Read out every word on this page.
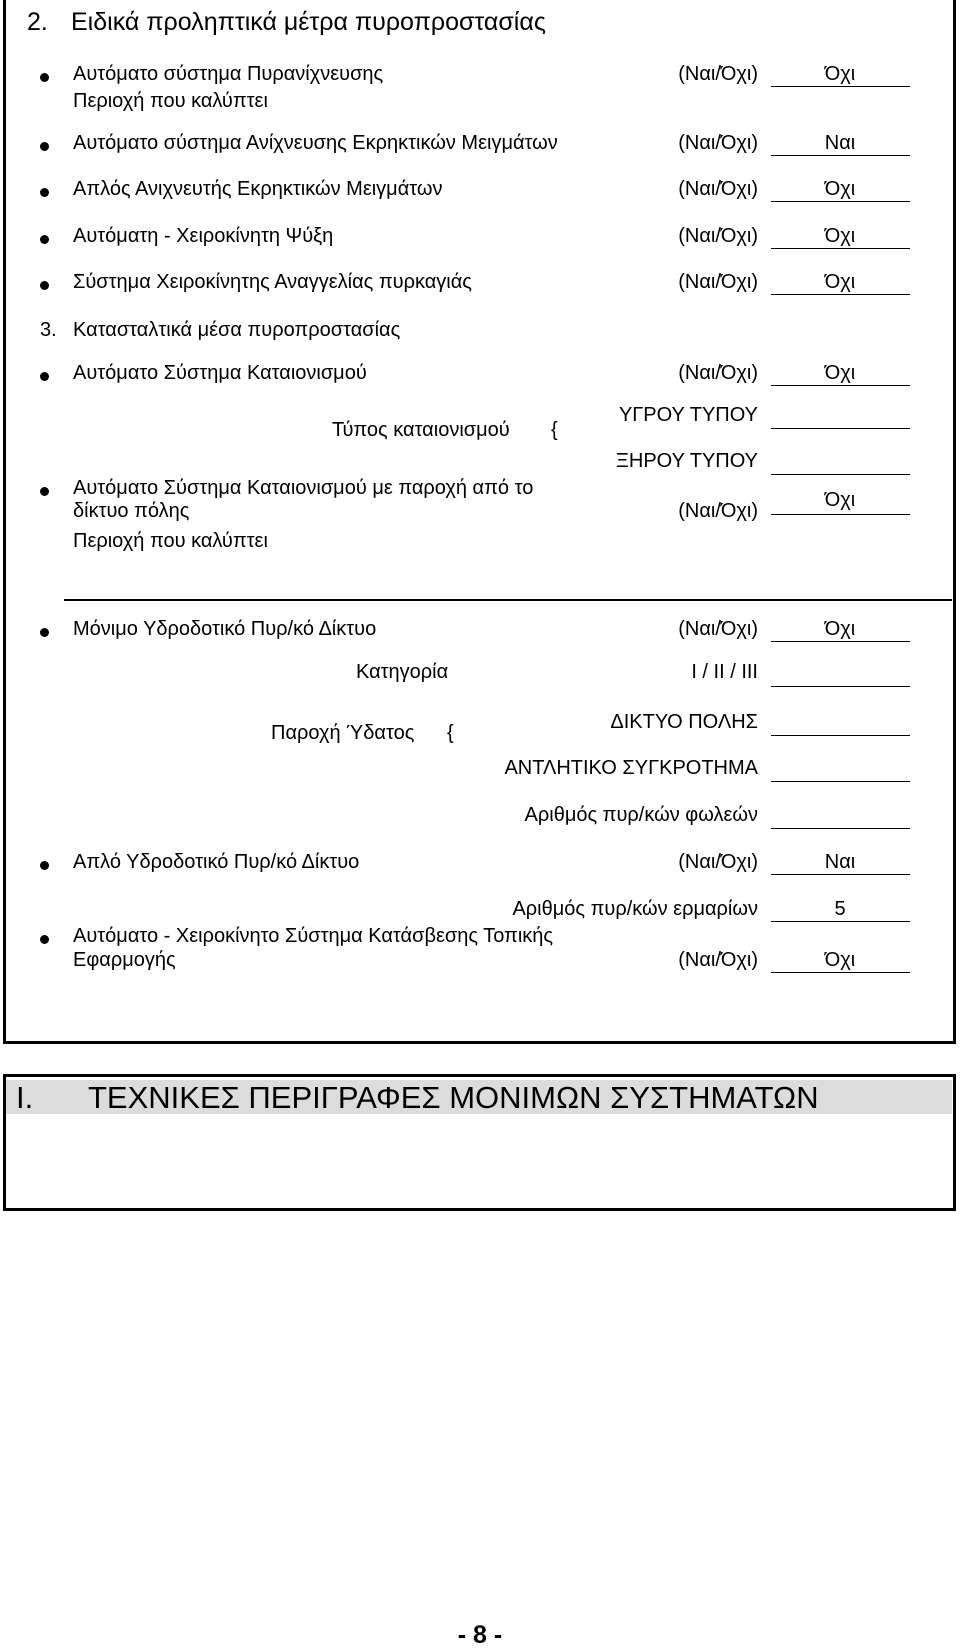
2. Ειδικά προληπτικά μέτρα πυροπροστασίας
Αυτόματο σύστημα Πυρανίχνευσης
Περιοχή που καλύπτει
(Ναι/Όχι)	Όχι
Αυτόματο σύστημα Ανίχνευσης Εκρηκτικών Μειγμάτων	(Ναι/Όχι)	Ναι
Απλός Ανιχνευτής Εκρηκτικών Μειγμάτων	(Ναι/Όχι)	Όχι
Αυτόματη - Χειροκίνητη Ψύξη	(Ναι/Όχι)	Όχι
Σύστημα Χειροκίνητης Αναγγελίας πυρκαγιάς	(Ναι/Όχι)	Όχι
3. Κατασταλτικά μέσα πυροπροστασίας
Αυτόματο Σύστημα Καταιονισμού	(Ναι/Όχι)	Όχι
Τύπος καταιονισμού {
ΥΓΡΟΥ ΤΥΠΟΥ
ΞΗΡΟΥ ΤΥΠΟΥ
Αυτόματο Σύστημα Καταιονισμού με παροχή από το
δίκτυο πόλης	(Ναι/Όχι)	Όχι
Περιοχή που καλύπτει
Μόνιμο Υδροδοτικό Πυρ/κό Δίκτυο	(Ναι/Όχι)	Όχι
Κατηγορία	I / II / III
Παροχή Ύδατος {	ΔΙΚΤΥΟ ΠΟΛΗΣ
ΑΝΤΛΗΤΙΚΟ ΣΥΓΚΡΟΤΗΜΑ
Αριθμός πυρ/κών φωλεών
Απλό Υδροδοτικό Πυρ/κό Δίκτυο	(Ναι/Όχι)	Ναι
Αριθμός πυρ/κών ερμαρίων	5
Αυτόματο - Χειροκίνητο Σύστημα Κατάσβεσης Τοπικής
Εφαρμογής	(Ναι/Όχι)	Όχι
I. ΤΕΧΝΙΚΕΣ ΠΕΡΙΓΡΑΦΕΣ ΜΟΝΙΜΩΝ ΣΥΣΤΗΜΑΤΩΝ
- 8 -
